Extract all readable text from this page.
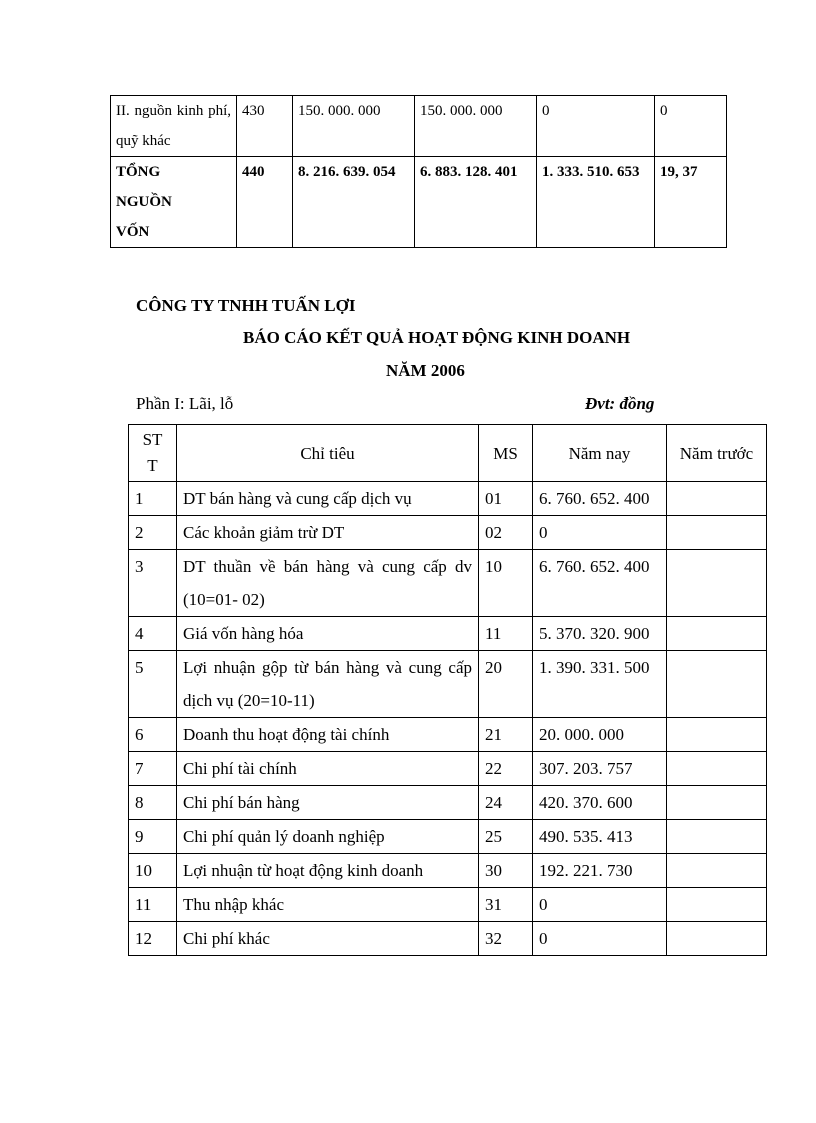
II. nguồn kinh phí, quỹ khác	430	150. 000. 000	150. 000. 000	0	0

TỔNG NGUỒN VỐN	440	8. 216. 639. 054	6. 883. 128. 401	1. 333. 510. 653	19, 37
CÔNG TY TNHH TUẤN LỢI
BÁO CÁO KẾT QUẢ HOẠT ĐỘNG KINH DOANH
NĂM 2006
Phần I: Lãi, lỗ	Đvt: đồng
ST T	Chỉ tiêu	MS	Năm nay	Năm trước
1	DT bán hàng và cung cấp dịch vụ	01	6. 760. 652. 400	
2	Các khoản giảm trừ DT	02	0	
3	DT thuần về bán hàng và cung cấp dv (10=01- 02)	10	6. 760. 652. 400	
4	Giá vốn hàng hóa	11	5. 370. 320. 900	
5	Lợi nhuận gộp từ bán hàng và cung cấp dịch vụ (20=10-11)	20	1. 390. 331. 500	
6	Doanh thu hoạt động tài chính	21	20. 000. 000	
7	Chi phí tài chính	22	307. 203. 757	
8	Chi phí bán hàng	24	420. 370. 600	
9	Chi phí quản lý doanh nghiệp	25	490. 535. 413	
10	Lợi nhuận từ hoạt động kinh doanh	30	192. 221. 730	
11	Thu nhập khác	31	0	
12	Chi phí khác	32	0	
